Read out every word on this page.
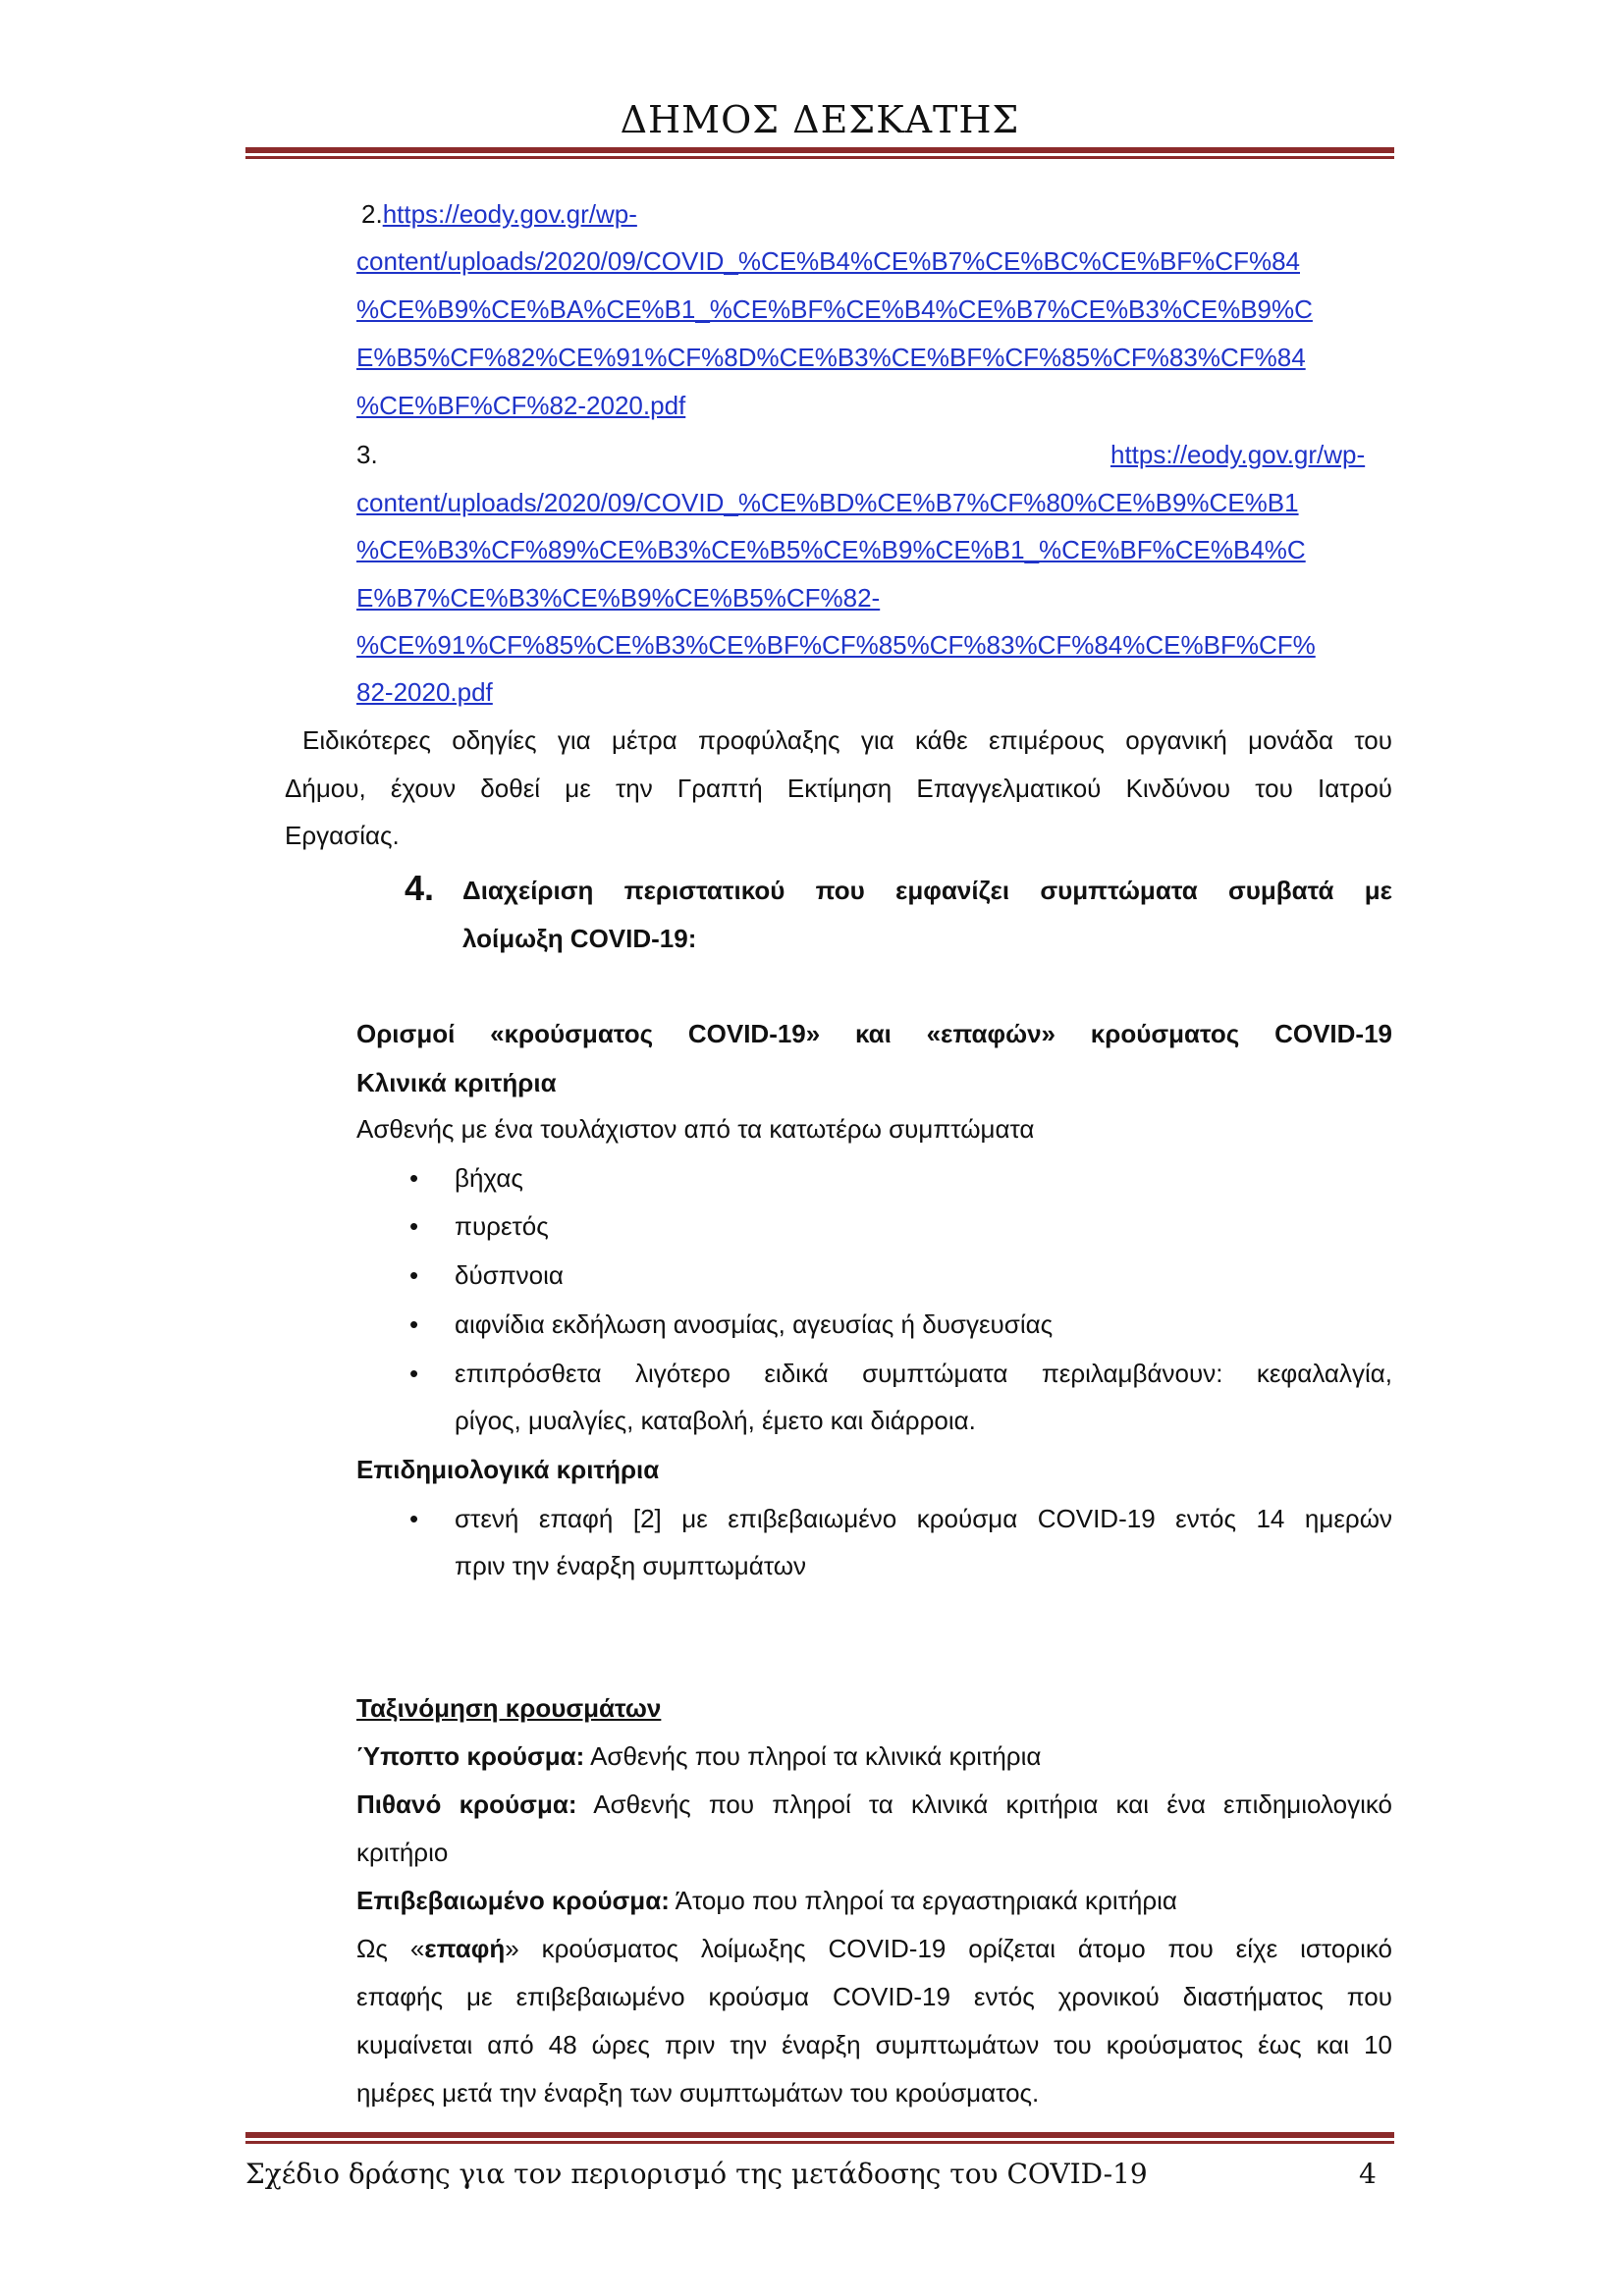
ΔΗΜΟΣ ΔΕΣΚΑΤΗΣ
2.https://eody.gov.gr/wp-
content/uploads/2020/09/COVID_%CE%B4%CE%B7%CE%BC%CE%BF%CF%84
%CE%B9%CE%BA%CE%B1_%CE%BF%CE%B4%CE%B7%CE%B3%CE%B9%C
E%B5%CF%82%CE%91%CF%8D%CE%B3%CE%BF%CF%85%CF%83%CF%84
%CE%BF%CF%82-2020.pdf
3.	https://eody.gov.gr/wp-
content/uploads/2020/09/COVID_%CE%BD%CE%B7%CF%80%CE%B9%CE%B1
%CE%B3%CF%89%CE%B3%CE%B5%CE%B9%CE%B1_%CE%BF%CE%B4%C
E%B7%CE%B3%CE%B9%CE%B5%CF%82-
%CE%91%CF%85%CE%B3%CE%BF%CF%85%CF%83%CF%84%CE%BF%CF%
82-2020.pdf
Ειδικότερες οδηγίες για μέτρα προφύλαξης για κάθε επιμέρους οργανική μονάδα του
Δήμου, έχουν δοθεί με την Γραπτή Εκτίμηση Επαγγελματικού Κινδύνου του Ιατρού
Εργασίας.
4. Διαχείριση περιστατικού που εμφανίζει συμπτώματα συμβατά με
λοίμωξη COVID-19:
Ορισμοί «κρούσματος COVID-19» και «επαφών» κρούσματος COVID-19
Κλινικά κριτήρια
Ασθενής με ένα τουλάχιστον από τα κατωτέρω συμπτώματα
• βήχας
• πυρετός
• δύσπνοια
• αιφνίδια εκδήλωση ανοσμίας, αγευσίας ή δυσγευσίας
• επιπρόσθετα λιγότερο ειδικά συμπτώματα περιλαμβάνουν: κεφαλαλγία,
ρίγος, μυαλγίες, καταβολή, έμετο και διάρροια.
Επιδημιολογικά κριτήρια
• στενή επαφή [2] με επιβεβαιωμένο κρούσμα COVID-19 εντός 14 ημερών
πριν την έναρξη συμπτωμάτων
Ταξινόμηση κρουσμάτων
Ύποπτο κρούσμα: Ασθενής που πληροί τα κλινικά κριτήρια
Πιθανό κρούσμα: Ασθενής που πληροί τα κλινικά κριτήρια και ένα επιδημιολογικό
κριτήριο
Επιβεβαιωμένο κρούσμα: Άτομο που πληροί τα εργαστηριακά κριτήρια
Ως «επαφή» κρούσματος λοίμωξης COVID-19 ορίζεται άτομο που είχε ιστορικό
επαφής με επιβεβαιωμένο κρούσμα COVID-19 εντός χρονικού διαστήματος που
κυμαίνεται από 48 ώρες πριν την έναρξη συμπτωμάτων του κρούσματος έως και 10
ημέρες μετά την έναρξη των συμπτωμάτων του κρούσματος.
Σχέδιο δράσης για τον περιορισμό της μετάδοσης του COVID-19	4
